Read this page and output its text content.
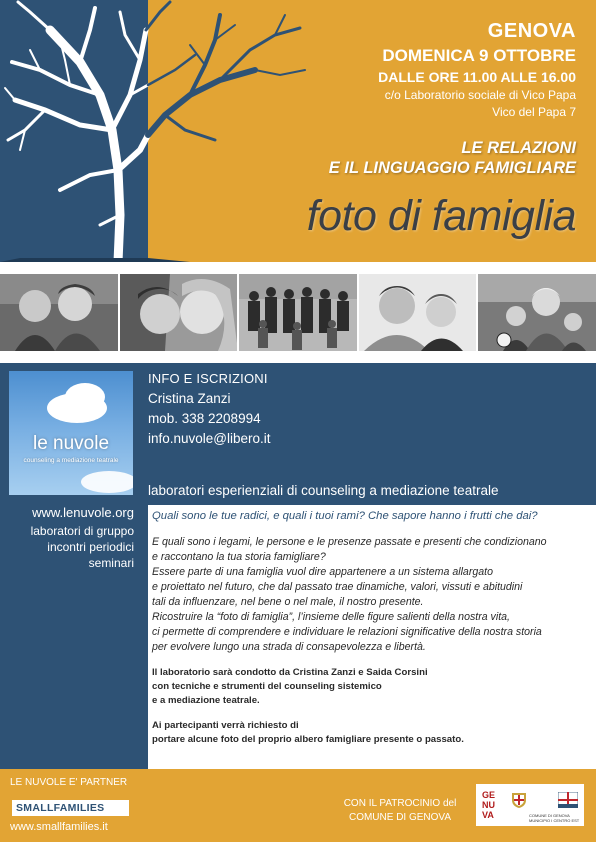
GENOVA
DOMENICA 9 OTTOBRE
DALLE ORE 11.00 ALLE 16.00
c/o Laboratorio sociale di Vico Papa
Vico del Papa 7
LE RELAZIONI
E IL LINGUAGGIO FAMIGLIARE
foto di famiglia
le nuvole
counseling a mediazione teatrale
INFO E ISCRIZIONI
Cristina Zanzi
mob. 338 2208994
info.nuvole@libero.it
laboratori esperienziali di counseling a mediazione teatrale
www.lenuvole.org
laboratori di gruppo
incontri periodici
seminari
Quali sono le tue radici, e quali i tuoi rami? Che sapore hanno i frutti che dai?
E quali sono i legami, le persone e le presenze passate e presenti che condizionano
e raccontano la tua storia famigliare?
Essere parte di una famiglia vuol dire appartenere a un sistema allargato
e proiettato nel futuro, che dal passato trae dinamiche, valori, vissuti e abitudini
tali da influenzare, nel bene o nel male, il nostro presente.
Ricostruire la “foto di famiglia”, l’insieme delle figure salienti della nostra vita,
ci permette di comprendere e individuare le relazioni significative della nostra storia
per evolvere lungo una strada di consapevolezza e libertà.
Il laboratorio sarà condotto da Cristina Zanzi e Saida Corsini
con tecniche e strumenti del counseling sistemico
e a mediazione teatrale.
Ai partecipanti verrà richiesto di
portare alcune foto del proprio albero famigliare presente o passato.
LE NUVOLE E' PARTNER
SMALLFAMILIES
www.smallfamilies.it
CON IL PATROCINIO del
COMUNE DI GENOVA
GE NU VA	COMUNE DI GENOVA MUNICIPIO I CENTRO EST
